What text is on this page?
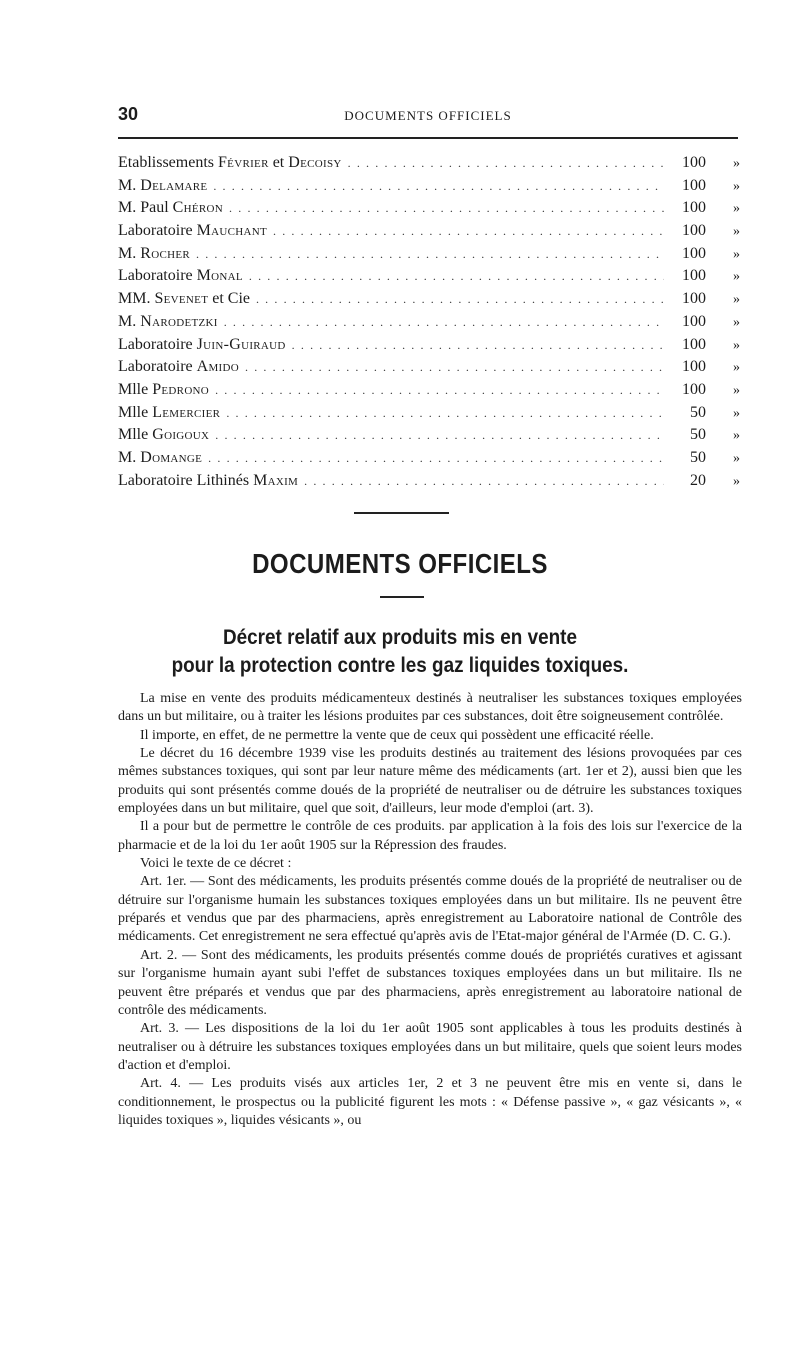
30	DOCUMENTS OFFICIELS
Etablissements Février et Decoisy . . .	100	»
M. Delamare . . .	100	»
M. Paul Chéron . . .	100	»
Laboratoire Mauchant . . .	100	»
M. Rocher . . .	100	»
Laboratoire Monal . . .	100	»
MM. Sevenet et Cie . . .	100	»
M. Narodetzki . . .	100	»
Laboratoire Juin-Guiraud . . .	100	»
Laboratoire Amido . . .	100	»
Mlle Pedrono . . .	100	»
Mlle Lemercier . . .	50	»
Mlle Goigoux . . .	50	»
M. Domange . . .	50	»
Laboratoire Lithinés Maxim . . .	20	»
DOCUMENTS OFFICIELS
Décret relatif aux produits mis en vente
pour la protection contre les gaz liquides toxiques.

La mise en vente des produits médicamenteux destinés à neutraliser les substances toxiques employées dans un but militaire, ou à traiter les lésions produites par ces substances, doit être soigneusement contrôlée.

Il importe, en effet, de ne permettre la vente que de ceux qui possèdent une efficacité réelle.

Le décret du 16 décembre 1939 vise les produits destinés au traitement des lésions provoquées par ces mêmes substances toxiques, qui sont par leur nature même des médicaments (art. 1er et 2), aussi bien que les produits qui sont présentés comme doués de la propriété de neutraliser ou de détruire les substances toxiques employées dans un but militaire, quel que soit, d'ailleurs, leur mode d'emploi (art. 3).

Il a pour but de permettre le contrôle de ces produits. par application à la fois des lois sur l'exercice de la pharmacie et de la loi du 1er août 1905 sur la Répression des fraudes.

Voici le texte de ce décret :

Art. 1er. — Sont des médicaments, les produits présentés comme doués de la propriété de neutraliser ou de détruire sur l'organisme humain les substances toxiques employées dans un but militaire. Ils ne peuvent être préparés et vendus que par des pharmaciens, après enregistrement au Laboratoire national de Contrôle des médicaments. Cet enregistrement ne sera effectué qu'après avis de l'Etat-major général de l'Armée (D. C. G.).

Art. 2. — Sont des médicaments, les produits présentés comme doués de propriétés curatives et agissant sur l'organisme humain ayant subi l'effet de substances toxiques employées dans un but militaire. Ils ne peuvent être préparés et vendus que par des pharmaciens, après enregistrement au laboratoire national de contrôle des médicaments.

Art. 3. — Les dispositions de la loi du 1er août 1905 sont applicables à tous les produits destinés à neutraliser ou à détruire les substances toxiques employées dans un but militaire, quels que soient leurs modes d'action et d'emploi.

Art. 4. — Les produits visés aux articles 1er, 2 et 3 ne peuvent être mis en vente si, dans le conditionnement, le prospectus ou la publicité figurent les mots : « Défense passive », « gaz vésicants », « liquides toxiques », liquides vésicants », ou
